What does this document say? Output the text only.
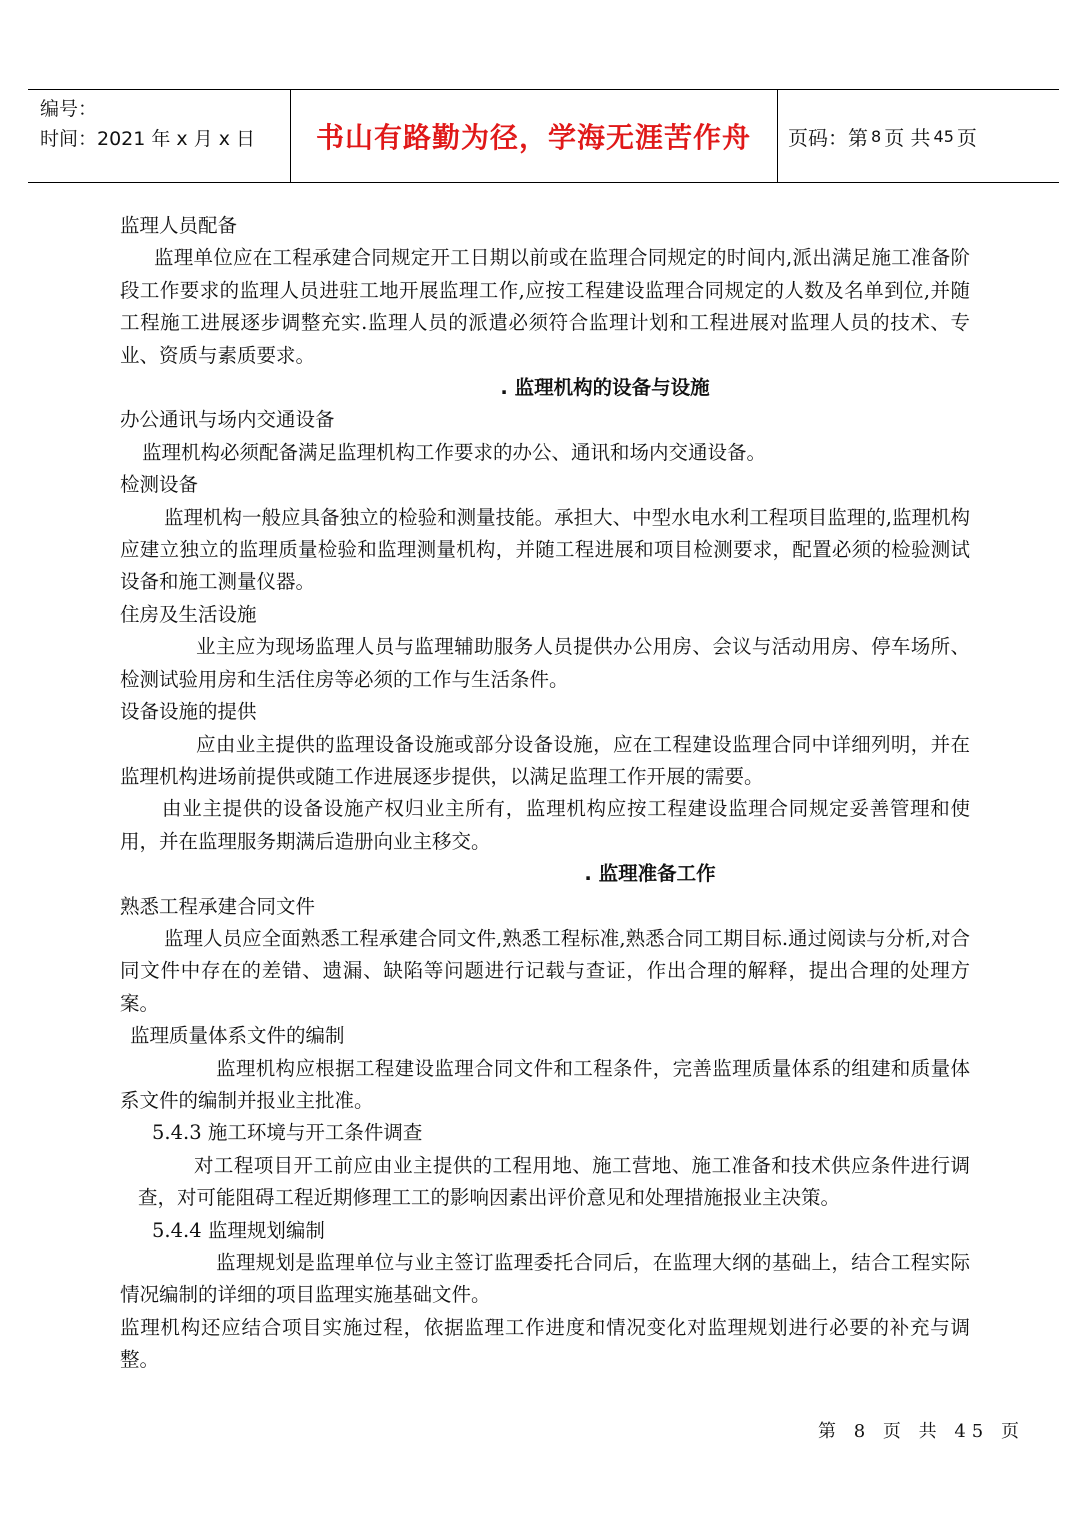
编号：
时间：2021 年 x 月 x 日	书山有路勤为径，学海无涯苦作舟	页码：第 8 页 共 45 页

监理人员配备

监理单位应在工程承建合同规定开工日期以前或在监理合同规定的时间内,派出满足施工准备阶段工作要求的监理人员进驻工地开展监理工作,应按工程建设监理合同规定的人数及名单到位,并随工程施工进展逐步调整充实.监理人员的派遣必须符合监理计划和工程进展对监理人员的技术、专业、资质与素质要求。

. 监理机构的设备与设施

办公通讯与场内交通设备

监理机构必须配备满足监理机构工作要求的办公、通讯和场内交通设备。

检测设备

监理机构一般应具备独立的检验和测量技能。承担大、中型水电水利工程项目监理的,监理机构应建立独立的监理质量检验和监理测量机构，并随工程进展和项目检测要求，配置必须的检验测试设备和施工测量仪器。

住房及生活设施

业主应为现场监理人员与监理辅助服务人员提供办公用房、会议与活动用房、停车场所、检测试验用房和生活住房等必须的工作与生活条件。

设备设施的提供

应由业主提供的监理设备设施或部分设备设施，应在工程建设监理合同中详细列明，并在监理机构进场前提供或随工作进展逐步提供，以满足监理工作开展的需要。

由业主提供的设备设施产权归业主所有，监理机构应按工程建设监理合同规定妥善管理和使用，并在监理服务期满后造册向业主移交。

. 监理准备工作

熟悉工程承建合同文件

监理人员应全面熟悉工程承建合同文件,熟悉工程标准,熟悉合同工期目标.通过阅读与分析,对合同文件中存在的差错、遗漏、缺陷等问题进行记载与查证，作出合理的解释，提出合理的处理方案。

监理质量体系文件的编制

监理机构应根据工程建设监理合同文件和工程条件，完善监理质量体系的组建和质量体系文件的编制并报业主批准。

5.4.3 施工环境与开工条件调查

对工程项目开工前应由业主提供的工程用地、施工营地、施工准备和技术供应条件进行调查，对可能阻碍工程近期修理工工的影响因素出评价意见和处理措施报业主决策。

5.4.4 监理规划编制

监理规划是监理单位与业主签订监理委托合同后，在监理大纲的基础上，结合工程实际情况编制的详细的项目监理实施基础文件。

监理机构还应结合项目实施过程，依据监理工作进度和情况变化对监理规划进行必要的补充与调整。

第 8 页 共 45 页
